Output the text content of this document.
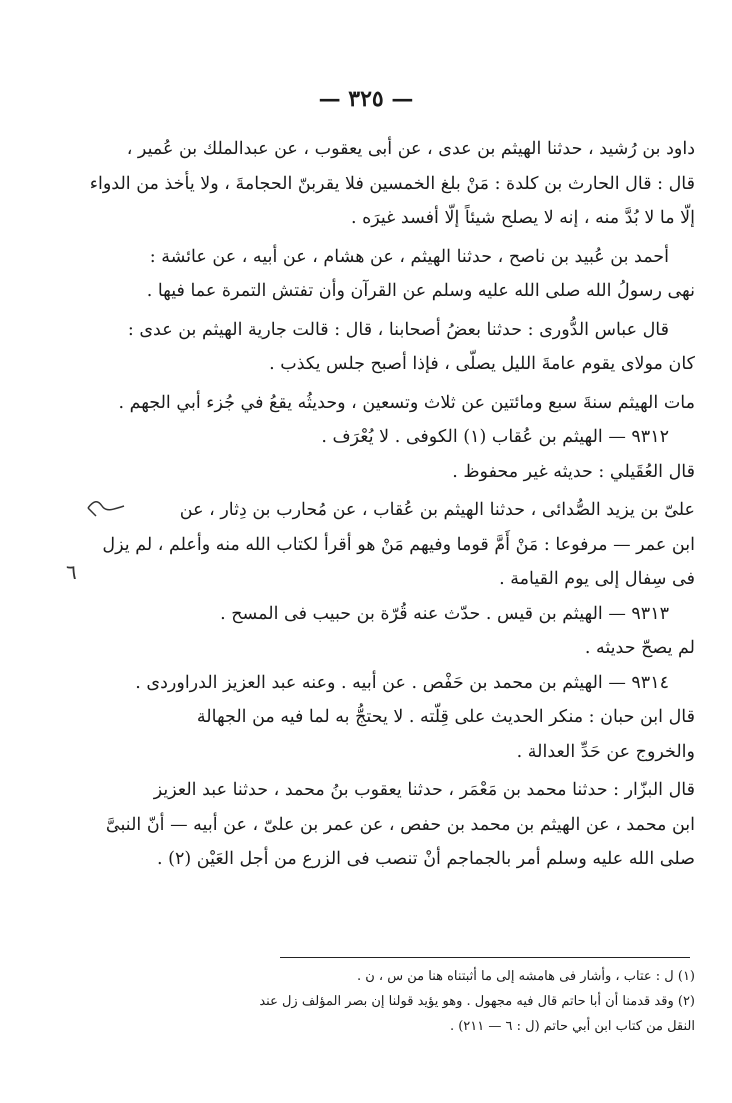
— ٣٢٥ —
داود بن رُشيد ، حدثنا الهيثم بن عدى ، عن أبى يعقوب ، عن عبدالملك بن عُمير ،
قال : قال الحارث بن كلدة : مَنْ بلغ الخمسين فلا يقربنّ الحجامةَ ، ولا يأخذ من الدواء
إلّا ما لا بُدَّ منه ، إنه لا يصلح شيئاً إلّا أفسد غيرَه .
أحمد بن عُبيد بن ناصح ، حدثنا الهيثم ، عن هشام ، عن أبيه ، عن عائشة :
نهى رسولُ الله صلى الله عليه وسلم عن القرآن وأن تفتش التمرة عما فيها .
قال عباس الدُّورى : حدثنا بعضُ أصحابنا ، قال : قالت جارية الهيثم بن عدى :
كان مولاى يقوم عامةَ الليل يصلّى ، فإذا أصبح جلس يكذب .
مات الهيثم سنةَ سبع ومائتين عن ثلاث وتسعين ، وحديثُه يقعُ في جُزء أبي الجهم .
٩٣١٢ — الهيثم بن عُقاب (١) الكوفى . لا يُعْرَف .
قال العُقَيلي : حديثه غير محفوظ .
علىّ بن يزيد الصُّدائى ، حدثنا الهيثم بن عُقاب ، عن مُحارب بن دِثار ، عن
ابن عمر — مرفوعا : مَنْ أَمَّ قوما وفيهم مَنْ هو أقرأ لكتاب الله منه وأعلم ، لم يزل
فى سِفال إلى يوم القيامة .
٩٣١٣ — الهيثم بن قيس . حدّث عنه قُرّة بن حبيب فى المسح .
لم يصحّ حديثه .
٩٣١٤ — الهيثم بن محمد بن حَفْص . عن أبيه . وعنه عبد العزيز الدراوردى .
قال ابن حبان : منكر الحديث على قِلّته . لا يحتجُّ به لما فيه من الجهالة
والخروج عن حَدِّ العدالة .
قال البزّار : حدثنا محمد بن مَعْمَر ، حدثنا يعقوب بنُ محمد ، حدثنا عبد العزيز
ابن محمد ، عن الهيثم بن محمد بن حفص ، عن عمر بن علىّ ، عن أبيه — أنّ النبىَّ
صلى الله عليه وسلم أمر بالجماجم أنْ تنصب فى الزرع من أجل العَيْن (٢) .
(١) ل : عتاب ، وأشار فى هامشه إلى ما أثبتناه هنا من س ، ن .
(٢) وقد قدمنا أن أبا حاتم قال فيه مجهول . وهو يؤيد قولنا إن بصر المؤلف زل عند
النقل من كتاب ابن أبي حاتم (ل : ٦ — ٢١١) .
٦
